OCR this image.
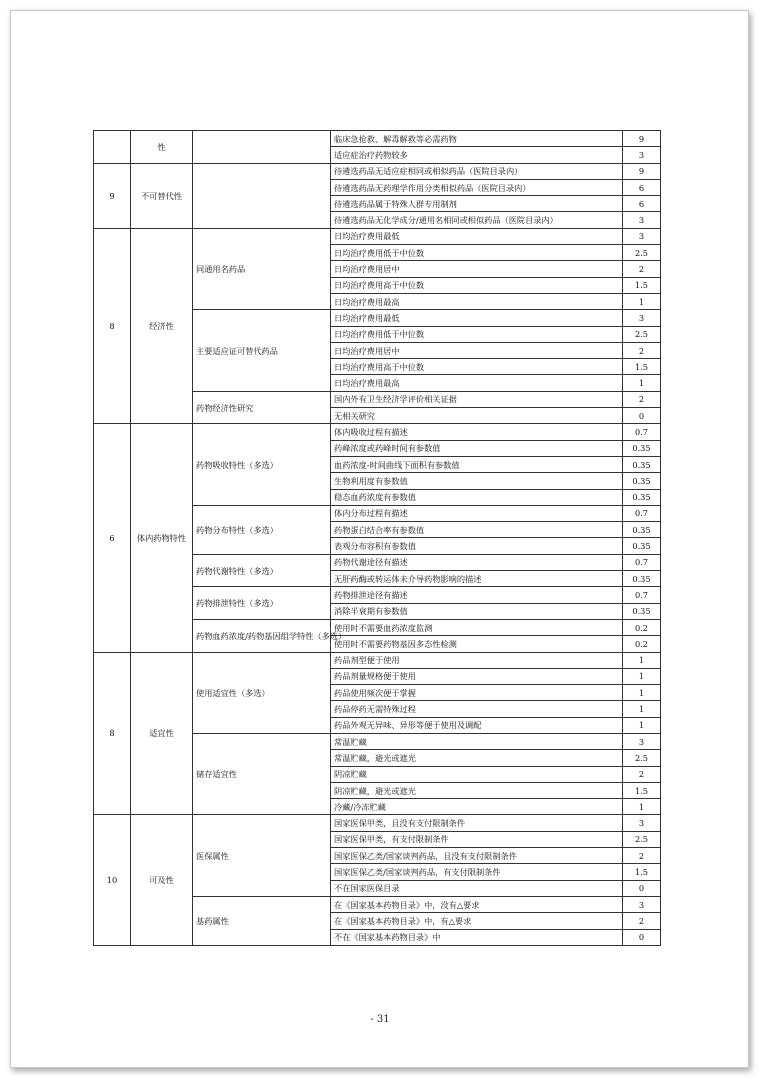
	性		临床急抢救、解毒解救等必需药物	9
			适应症治疗药物较多	3
9	不可替代性		待遴选药品无适应症相同或相似药品（医院目录内）	9
			待遴选药品无药理学作用分类相似药品（医院目录内）	6
			待遴选药品属于特殊人群专用制剂	6
			待遴选药品无化学成分/通用名相同或相似药品（医院目录内）	3
8	经济性	同通用名药品	日均治疗费用最低	3
			日均治疗费用低于中位数	2.5
			日均治疗费用居中	2
			日均治疗费用高于中位数	1.5
			日均治疗费用最高	1
		主要适应证可替代药品	日均治疗费用最低	3
			日均治疗费用低于中位数	2.5
			日均治疗费用居中	2
			日均治疗费用高于中位数	1.5
			日均治疗费用最高	1
		药物经济性研究	国内外有卫生经济学评价相关证据	2
			无相关研究	0
6	体内药物特性	药物吸收特性（多选）	体内吸收过程有描述	0.7
			药峰浓度或药峰时间有参数值	0.35
			血药浓度-时间曲线下面积有参数值	0.35
			生物利用度有参数值	0.35
			稳态血药浓度有参数值	0.35
		药物分布特性（多选）	体内分布过程有描述	0.7
			药物蛋白结合率有参数值	0.35
			表观分布容积有参数值	0.35
		药物代谢特性（多选）	药物代谢途径有描述	0.7
			无肝药酶或转运体未介导药物影响的描述	0.35
		药物排泄特性（多选）	药物排泄途径有描述	0.7
			消除半衰期有参数值	0.35
		药物血药浓度/药物基因组学特性（多选）	使用时不需要血药浓度监测	0.2
			使用时不需要药物基因多态性检测	0.2
8	适宜性	使用适宜性（多选）	药品剂型便于使用	1
			药品剂量规格便于使用	1
			药品使用频次便于掌握	1
			药品停药无需特殊过程	1
			药品外观无异味、异形等便于使用及调配	1
		储存适宜性	常温贮藏	3
			常温贮藏，避光或遮光	2.5
			阴凉贮藏	2
			阴凉贮藏，避光或遮光	1.5
			冷藏/冷冻贮藏	1
10	可及性	医保属性	国家医保甲类，且没有支付限制条件	3
			国家医保甲类，有支付限制条件	2.5
			国家医保乙类/国家谈判药品，且没有支付限制条件	2
			国家医保乙类/国家谈判药品，有支付限制条件	1.5
			不在国家医保目录	0
		基药属性	在《国家基本药物目录》中，没有△要求	3
			在《国家基本药物目录》中，有△要求	2
			不在《国家基本药物目录》中	0
- 31
